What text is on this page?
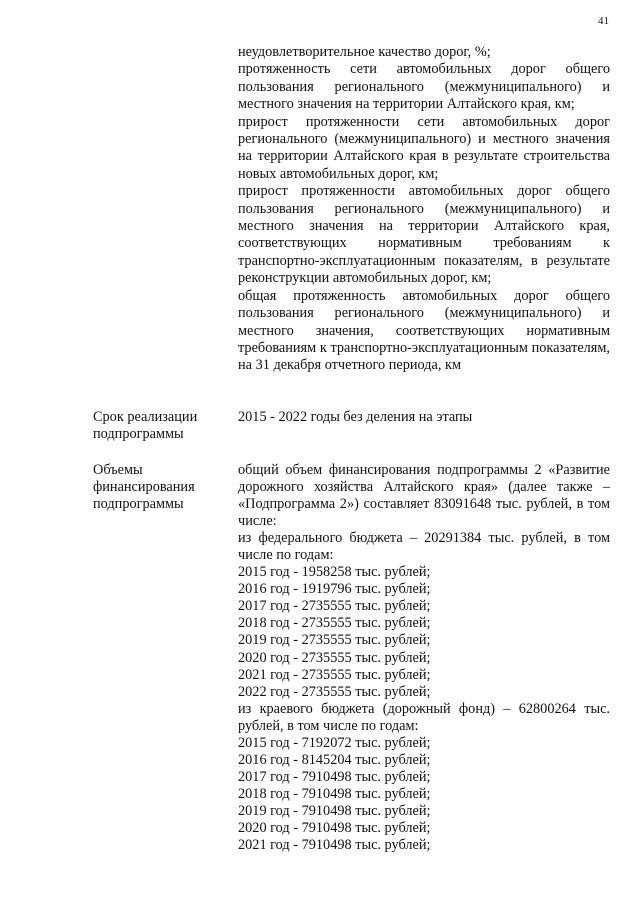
41

неудовлетворительное качество дорог, %;

протяженность сети автомобильных дорог общего пользования регионального (межмуниципального) и местного значения на территории Алтайского края, км;

прирост протяженности сети автомобильных дорог регионального (межмуниципального) и местного значения на территории Алтайского края в результате строительства новых автомобильных дорог, км;

прирост протяженности автомобильных дорог общего пользования регионального (межмуниципального) и местного значения на территории Алтайского края, соответствующих нормативным требованиям к транспортно-эксплуатационным показателям, в результате реконструкции автомобильных дорог, км;

общая протяженность автомобильных дорог общего пользования регионального (межмуниципального) и местного значения, соответствующих нормативным требованиям к транспортно-эксплуатационным показателям, на 31 декабря отчетного периода, км

Срок реализации подпрограммы
2015 - 2022 годы без деления на этапы
Объемы финансирования подпрограммы

общий объем финансирования подпрограммы 2 «Развитие дорожного хозяйства Алтайского края» (далее также – «Подпрограмма 2») составляет 83091648 тыс. рублей, в том числе:

из федерального бюджета – 20291384 тыс. рублей, в том числе по годам:

2015 год - 1958258 тыс. рублей;

2016 год - 1919796 тыс. рублей;

2017 год - 2735555 тыс. рублей;

2018 год - 2735555 тыс. рублей;

2019 год - 2735555 тыс. рублей;

2020 год - 2735555 тыс. рублей;

2021 год - 2735555 тыс. рублей;

2022 год - 2735555 тыс. рублей;

из краевого бюджета (дорожный фонд) – 62800264 тыс. рублей, в том числе по годам:

2015 год - 7192072 тыс. рублей;

2016 год - 8145204 тыс. рублей;

2017 год - 7910498 тыс. рублей;

2018 год - 7910498 тыс. рублей;

2019 год - 7910498 тыс. рублей;

2020 год - 7910498 тыс. рублей;

2021 год - 7910498 тыс. рублей;
